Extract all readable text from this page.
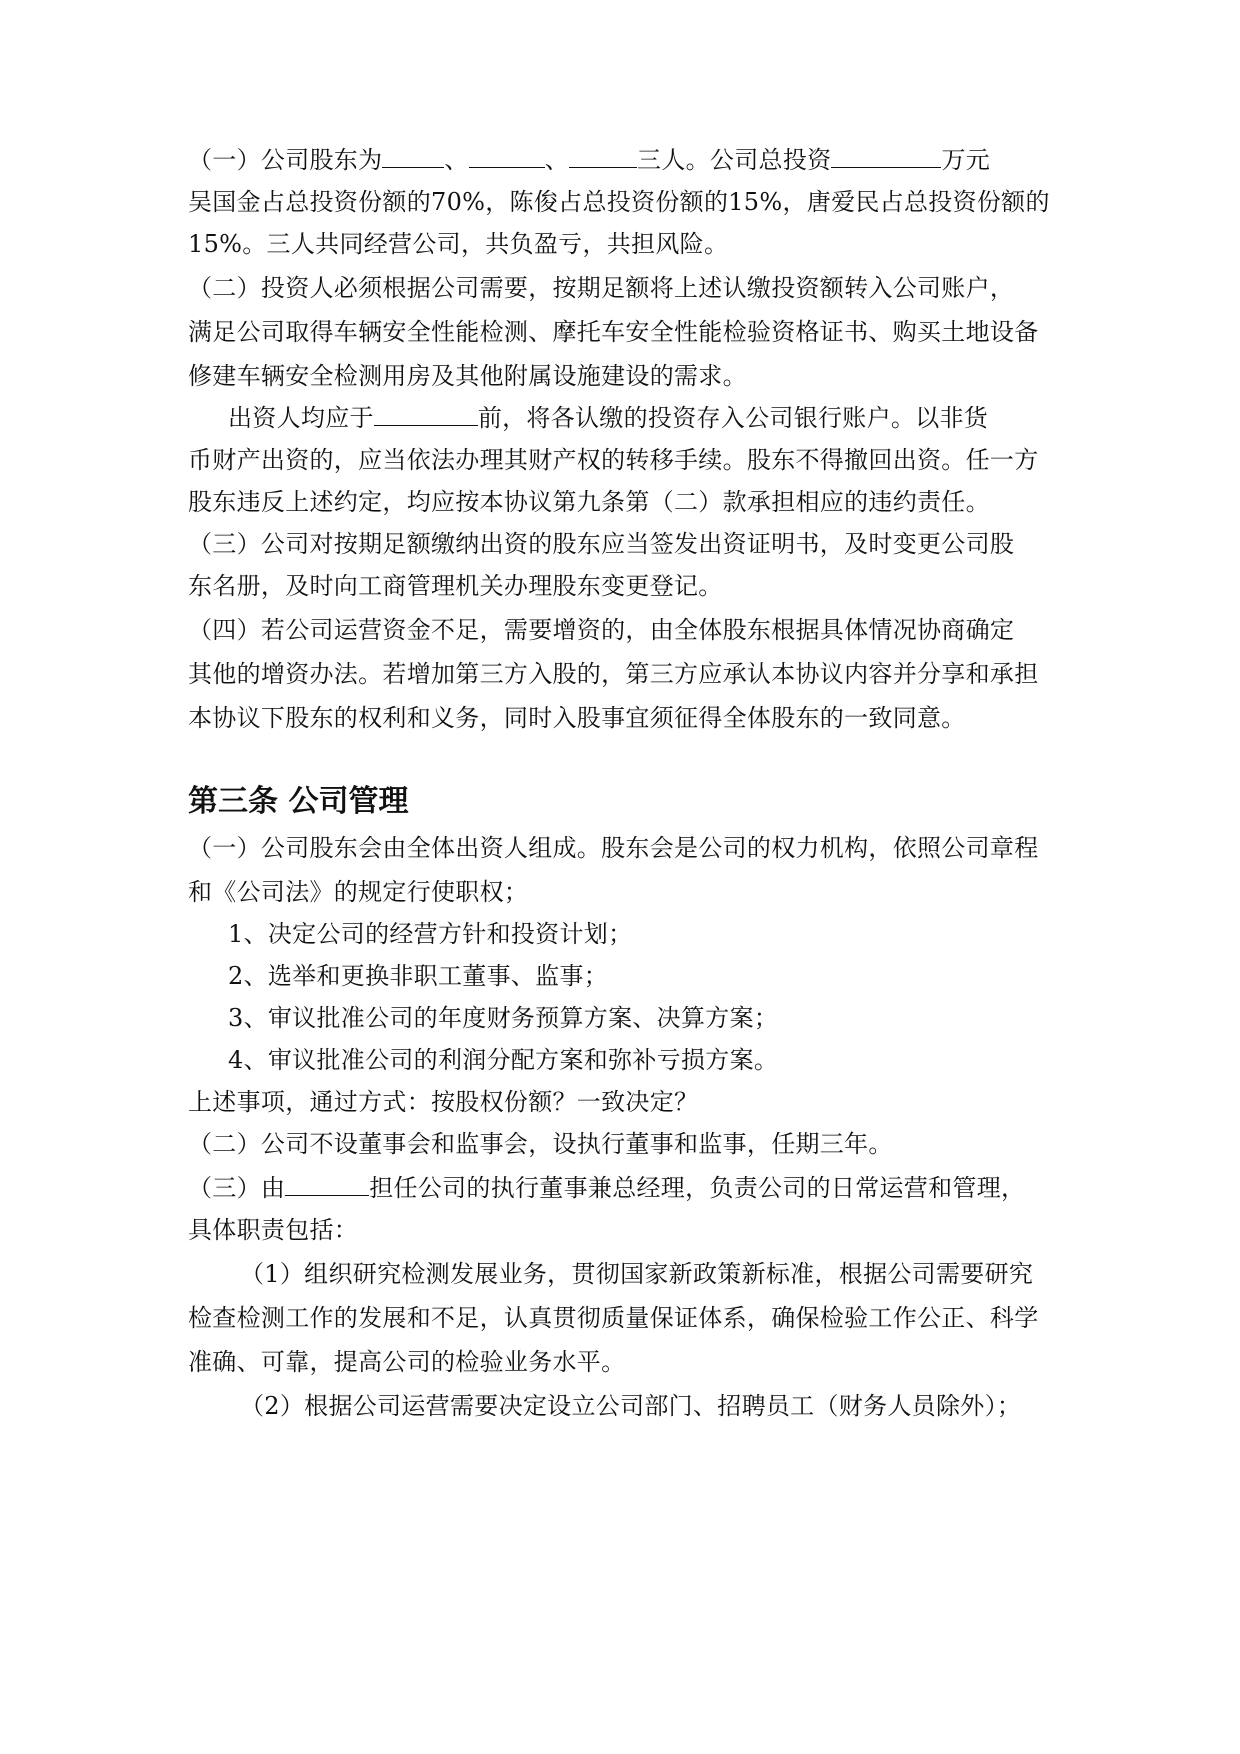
（一）公司股东为	、	、	三人。公司总投资	万元
吴国金占总投资份额的70%，陈俊占总投资份额的15%，唐爱民占总投资份额的
15%。三人共同经营公司，共负盈亏，共担风险。
（二）投资人必须根据公司需要，按期足额将上述认缴投资额转入公司账户，
满足公司取得车辆安全性能检测、摩托车安全性能检验资格证书、购买土地设备
修建车辆安全检测用房及其他附属设施建设的需求。
出资人均应于	前，将各认缴的投资存入公司银行账户。以非货
币财产出资的，应当依法办理其财产权的转移手续。股东不得撤回出资。任一方
股东违反上述约定，均应按本协议第九条第（二）款承担相应的违约责任。
（三）公司对按期足额缴纳出资的股东应当签发出资证明书，及时变更公司股
东名册，及时向工商管理机关办理股东变更登记。
（四）若公司运营资金不足，需要增资的，由全体股东根据具体情况协商确定
其他的增资办法。若增加第三方入股的，第三方应承认本协议内容并分享和承担
本协议下股东的权利和义务，同时入股事宜须征得全体股东的一致同意。
第三条 公司管理
（一）公司股东会由全体出资人组成。股东会是公司的权力机构，依照公司章程
和《公司法》的规定行使职权；
1、决定公司的经营方针和投资计划；
2、选举和更换非职工董事、监事；
3、审议批准公司的年度财务预算方案、决算方案；
4、审议批准公司的利润分配方案和弥补亏损方案。
上述事项，通过方式：按股权份额？一致决定？
（二）公司不设董事会和监事会，设执行董事和监事，任期三年。
（三）由	担任公司的执行董事兼总经理，负责公司的日常运营和管理，
具体职责包括：
（1）组织研究检测发展业务，贯彻国家新政策新标准，根据公司需要研究
检查检测工作的发展和不足，认真贯彻质量保证体系，确保检验工作公正、科学
准确、可靠，提高公司的检验业务水平。
（2）根据公司运营需要决定设立公司部门、招聘员工（财务人员除外）；
